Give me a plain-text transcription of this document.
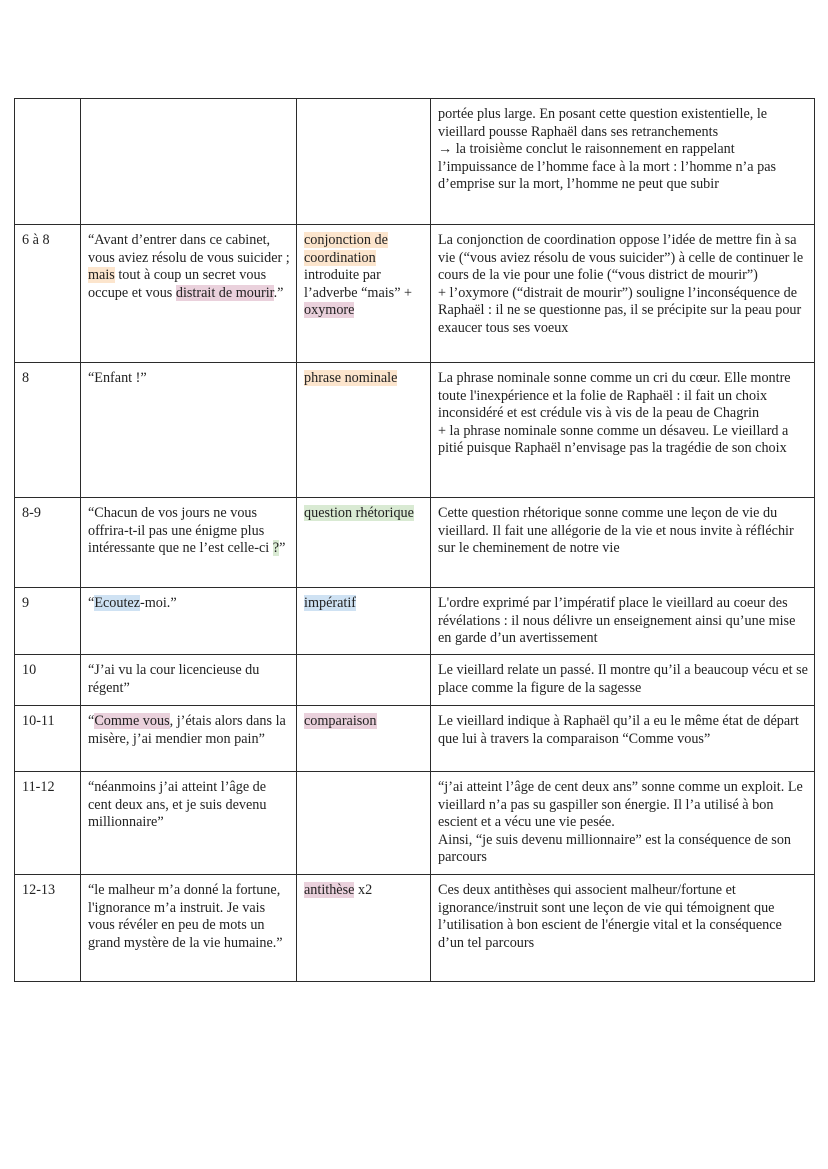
			portée plus large. En posant cette question existentielle, le vieillard pousse Raphaël dans ses retranchements
→ la troisième conclut le raisonnement en rappelant l’impuissance de l’homme face à la mort : l’homme n’a pas d’emprise sur la mort, l’homme ne peut que subir

6 à 8	“Avant d’entrer dans ce cabinet, vous aviez résolu de vous suicider ; mais tout à coup un secret vous occupe et vous distrait de mourir.”	conjonction de coordination introduite par l’adverbe “mais” + oxymore	La conjonction de coordination oppose l’idée de mettre fin à sa vie (“vous aviez résolu de vous suicider”) à celle de continuer le cours de la vie pour une folie (“vous district de mourir”)
+ l’oxymore (“distrait de mourir”) souligne l’inconséquence de Raphaël : il ne se questionne pas, il se précipite sur la peau pour exaucer tous ses voeux

8	“Enfant !”	phrase nominale	La phrase nominale sonne comme un cri du cœur. Elle montre toute l'inexpérience et la folie de Raphaël : il fait un choix inconsidéré et est crédule vis à vis de la peau de Chagrin
+ la phrase nominale sonne comme un désaveu. Le vieillard a pitié puisque Raphaël n’envisage pas la tragédie de son choix

8-9	“Chacun de vos jours ne vous offrira-t-il pas une énigme plus intéressante que ne l’est celle-ci ?”	question rhétorique	Cette question rhétorique sonne comme une leçon de vie du vieillard. Il fait une allégorie de la vie et nous invite à réfléchir sur le cheminement de notre vie

9	“Ecoutez-moi.”	impératif	L'ordre exprimé par l’impératif place le vieillard au coeur des révélations : il nous délivre un enseignement ainsi qu’une mise en garde d’un avertissement

10	“J’ai vu la cour licencieuse du régent”		Le vieillard relate un passé. Il montre qu’il a beaucoup vécu et se place comme la figure de la sagesse

10-11	“Comme vous, j’étais alors dans la misère, j’ai mendier mon pain”	comparaison	Le vieillard indique à Raphaël qu’il a eu le même état de départ que lui à travers la comparaison “Comme vous”

11-12	“néanmoins j’ai atteint l’âge de cent deux ans, et je suis devenu millionnaire”		“j’ai atteint l’âge de cent deux ans” sonne comme un exploit. Le vieillard n’a pas su gaspiller son énergie. Il l’a utilisé à bon escient et a vécu une vie pesée.
Ainsi, “je suis devenu millionnaire” est la conséquence de son parcours

12-13	“le malheur m’a donné la fortune, l'ignorance m’a instruit. Je vais vous révéler en peu de mots un grand mystère de la vie humaine.”	antithèse x2	Ces deux antithèses qui associent malheur/fortune et ignorance/instruit sont une leçon de vie qui témoignent que l’utilisation à bon escient de l'énergie vital et la conséquence d’un tel parcours
